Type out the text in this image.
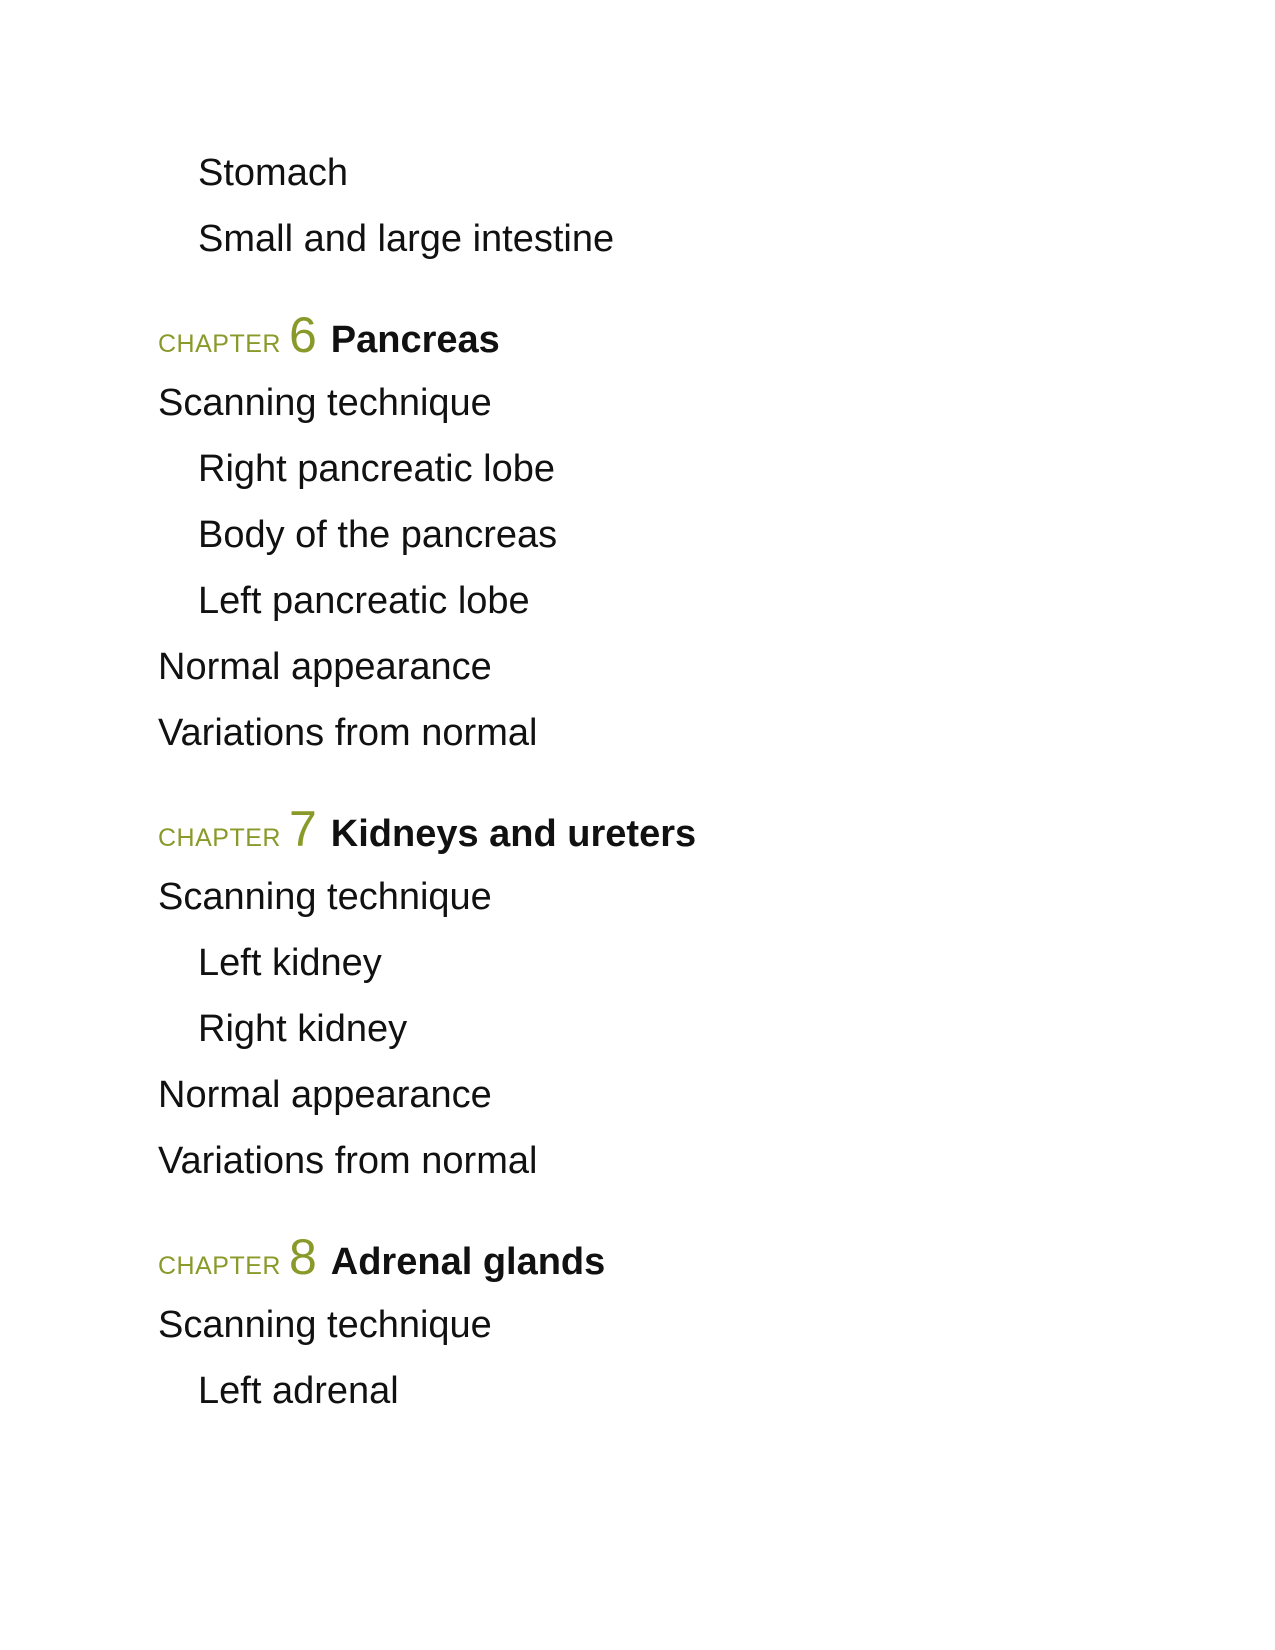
Stomach
Small and large intestine
CHAPTER 6 Pancreas
Scanning technique
Right pancreatic lobe
Body of the pancreas
Left pancreatic lobe
Normal appearance
Variations from normal
CHAPTER 7 Kidneys and ureters
Scanning technique
Left kidney
Right kidney
Normal appearance
Variations from normal
CHAPTER 8 Adrenal glands
Scanning technique
Left adrenal
